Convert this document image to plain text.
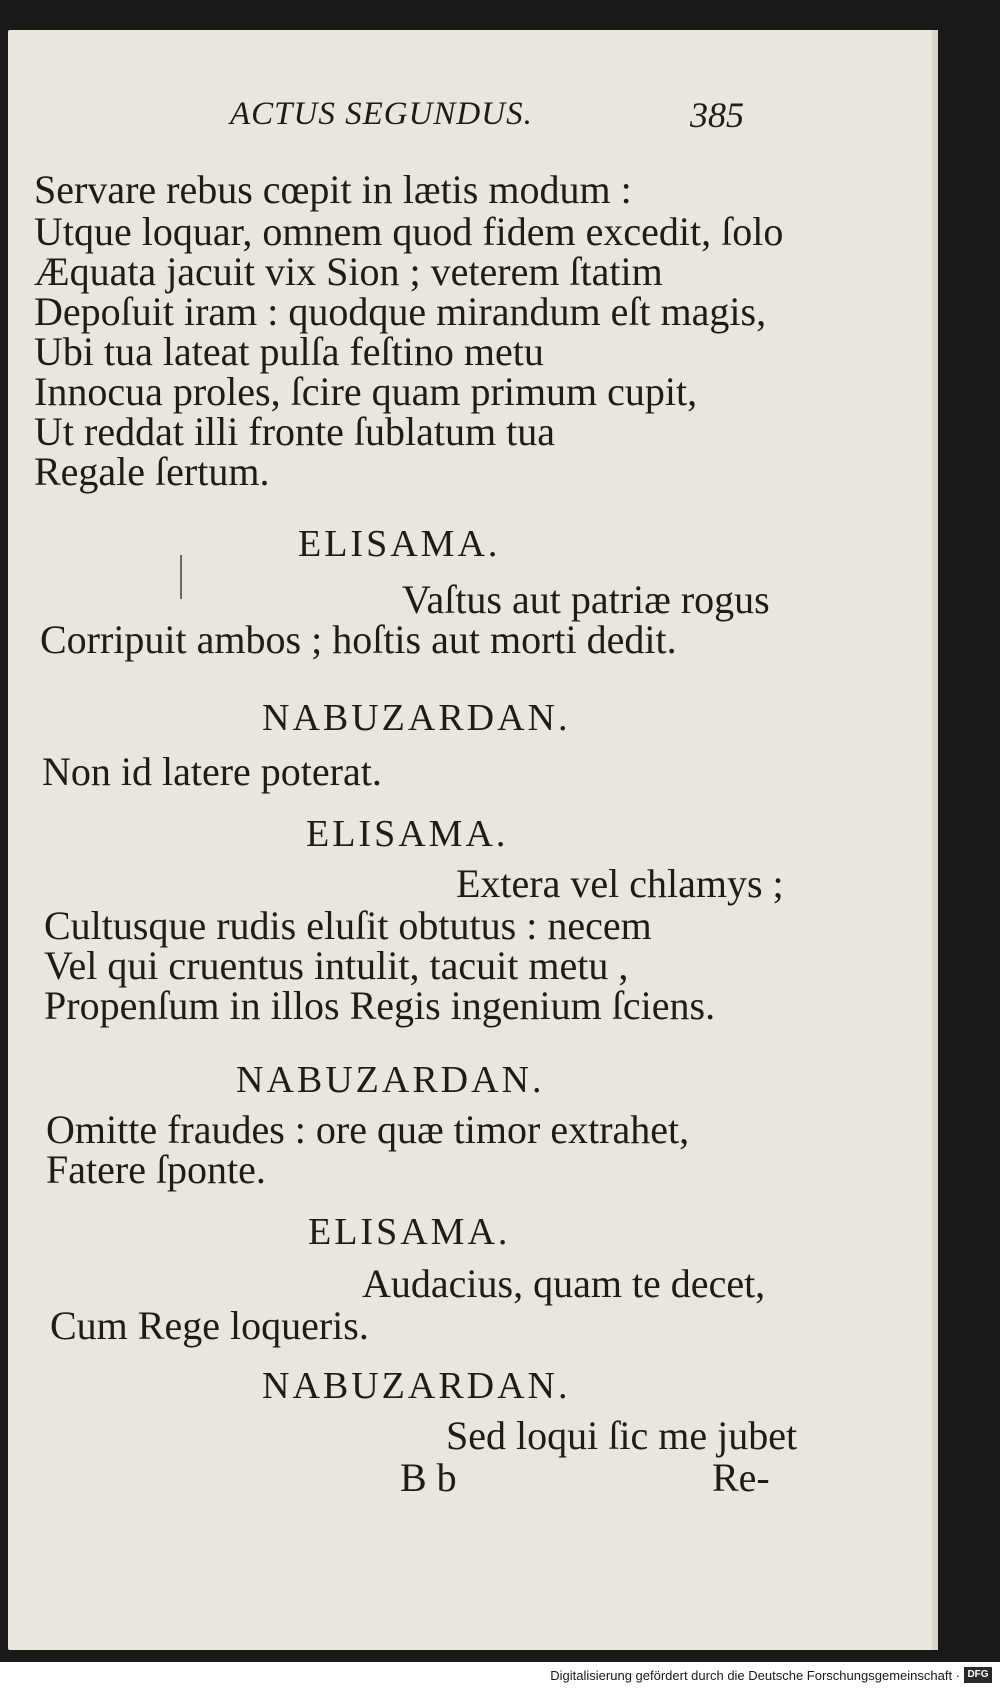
ACTUS SEGUNDUS.	385

Servare rebus cœpit in lætis modum :

Utque loquar, omnem quod fidem excedit, ſolo

Æquata jacuit vix Sion ; veterem ſtatim

Depoſuit iram : quodque mirandum eſt magis,

Ubi tua lateat pulſa feſtino metu

Innocua proles, ſcire quam primum cupit,

Ut reddat illi fronte ſublatum tua

Regale ſertum.

ELISAMA.

Vaſtus aut patriæ rogus

Corripuit ambos ; hoſtis aut morti dedit.

NABUZARDAN.

Non id latere poterat.

ELISAMA.

Extera vel chlamys ;

Cultusque rudis eluſit obtutus : necem

Vel qui cruentus intulit, tacuit metu ,

Propenſum in illos Regis ingenium ſciens.

NABUZARDAN.

Omitte fraudes : ore quæ timor extrahet,

Fatere ſponte.

ELISAMA.

Audacius, quam te decet,

Cum Rege loqueris.

NABUZARDAN.

Sed loqui ſic me jubet

B b	Re-

Digitalisierung gefördert durch die Deutsche Forschungsgemeinschaft · DFG
